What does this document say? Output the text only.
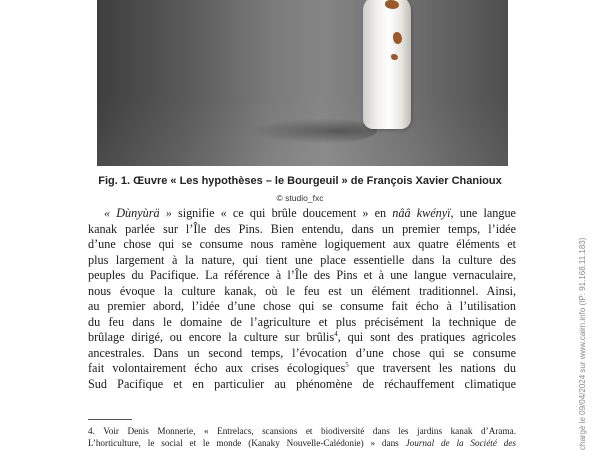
Fig. 1. Œuvre « Les hypothèses – le Bourgeuil » de François Xavier Chanioux
© studio_fxc
« Dùnyùrä » signifie « ce qui brûle doucement » en nââ kwényï, une langue
kanak parlée sur l’Île des Pins. Bien entendu, dans un premier temps, l’idée
d’une chose qui se consume nous ramène logiquement aux quatre éléments et
plus largement à la nature, qui tient une place essentielle dans la culture des
peuples du Pacifique. La référence à l’Île des Pins et à une langue vernaculaire,
nous évoque la culture kanak, où le feu est un élément traditionnel. Ainsi,
au premier abord, l’idée d’une chose qui se consume fait écho à l’utilisation
du feu dans le domaine de l’agriculture et plus précisément la technique de
brûlage dirigé, ou encore la culture sur brûlis$^4$, qui sont des pratiques agricoles
ancestrales. Dans un second temps, l’évocation d’une chose qui se consume
fait volontairement écho aux crises écologiques$^5$ que traversent les nations du
Sud Pacifique et en particulier au phénomène de réchauffement climatique
4. Voir Denis Monnerie, « Entrelacs, scansions et biodiversité dans les jardins kanak d’Arama.
L’horticulture, le social et le monde (Kanaky Nouvelle-Calédonie) » dans Journal de la Société des	chargé le 09/04/2024 sur www.cairn.info (IP: 91.168.11.183)
